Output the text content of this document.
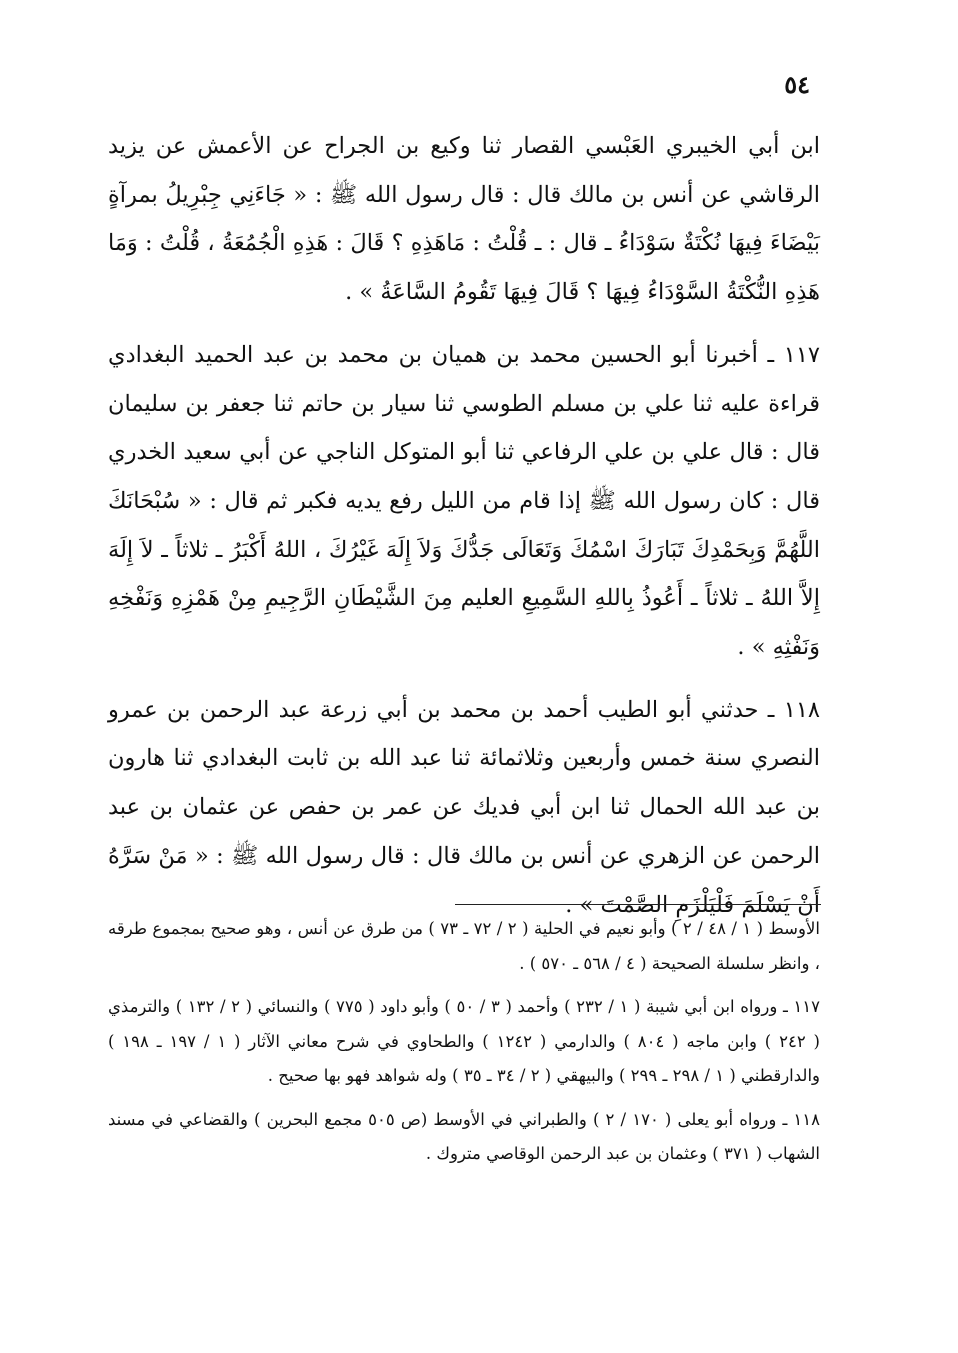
٥٤

ابن أبي الخيبري العَبْسي القصار ثنا وكيع بن الجراح عن الأعمش عن يزيد الرقاشي عن أنس بن مالك قال : قال رسول الله ﷺ : « جَاءَنِي جِبْرِيلُ بمرآةٍ بَيْضَاءَ فِيهَا نُكْتَةٌ سَوْدَاءُ ـ قال : ـ قُلْتُ : مَاهَذِهِ ؟ قَالَ : هَذِهِ الْجُمُعَةُ ، قُلْتُ : وَمَا هَذِهِ النُّكْتَةُ السَّوْدَاءُ فِيهَا ؟ قَالَ فِيهَا تَقُومُ السَّاعَةُ » .

١١٧ ـ أخبرنا أبو الحسين محمد بن هميان بن محمد بن عبد الحميد البغدادي قراءة عليه ثنا علي بن مسلم الطوسي ثنا سيار بن حاتم ثنا جعفر بن سليمان قال : قال علي بن علي الرفاعي ثنا أبو المتوكل الناجي عن أبي سعيد الخدري قال : كان رسول الله ﷺ إذا قام من الليل رفع يديه فكبر ثم قال : « سُبْحَانَكَ اللَّهُمَّ وَبِحَمْدِكَ تَبَارَكَ اسْمُكَ وَتَعَالَى جَدُّكَ وَلاَ إِلَهَ غَيْرُكَ ، اللهُ أَكْبَرُ ـ ثلاثاً ـ لاَ إِلَهَ إِلاَّ اللهُ ـ ثلاثاً ـ أَعُوذُ بِاللهِ السَّمِيعِ العليم مِنَ الشَّيْطَانِ الرَّجِيمِ مِنْ هَمْزِهِ وَنَفْخِهِ وَنَفْثِهِ » .

١١٨ ـ حدثني أبو الطيب أحمد بن محمد بن أبي زرعة عبد الرحمن بن عمرو النصري سنة خمس وأربعين وثلاثمائة ثنا عبد الله بن ثابت البغدادي ثنا هارون بن عبد الله الحمال ثنا ابن أبي فديك عن عمر بن حفص عن عثمان بن عبد الرحمن عن الزهري عن أنس بن مالك قال : قال رسول الله ﷺ : « مَنْ سَرَّهُ أَنْ يَسْلَمَ فَلْيَلْزَمِ الصَّمْتَ » .

الأوسط ( ١ / ٤٨ / ٢ ) وأبو نعيم في الحلية ( ٢ / ٧٢ ـ ٧٣ ) من طرق عن أنس ، وهو صحيح بمجموع طرقه ، وانظر سلسلة الصحيحة ( ٤ / ٥٦٨ ـ ٥٧٠ ) .

١١٧ ـ ورواه ابن أبي شيبة ( ١ / ٢٣٢ ) وأحمد ( ٣ / ٥٠ ) وأبو داود ( ٧٧٥ ) والنسائي ( ٢ / ١٣٢ ) والترمذي ( ٢٤٢ ) وابن ماجه ( ٨٠٤ ) والدارمي ( ١٢٤٢ ) والطحاوي في شرح معاني الآثار ( ١ / ١٩٧ ـ ١٩٨ ) والدارقطني ( ١ / ٢٩٨ ـ ٢٩٩ ) والبيهقي ( ٢ / ٣٤ ـ ٣٥ ) وله شواهد فهو بها صحيح .

١١٨ ـ ورواه أبو يعلى ( ١٧٠ / ٢ ) والطبراني في الأوسط (ص ٥٠٥ مجمع البحرين ) والقضاعي في مسند الشهاب ( ٣٧١ ) وعثمان بن عبد الرحمن الوقاصي متروك .
